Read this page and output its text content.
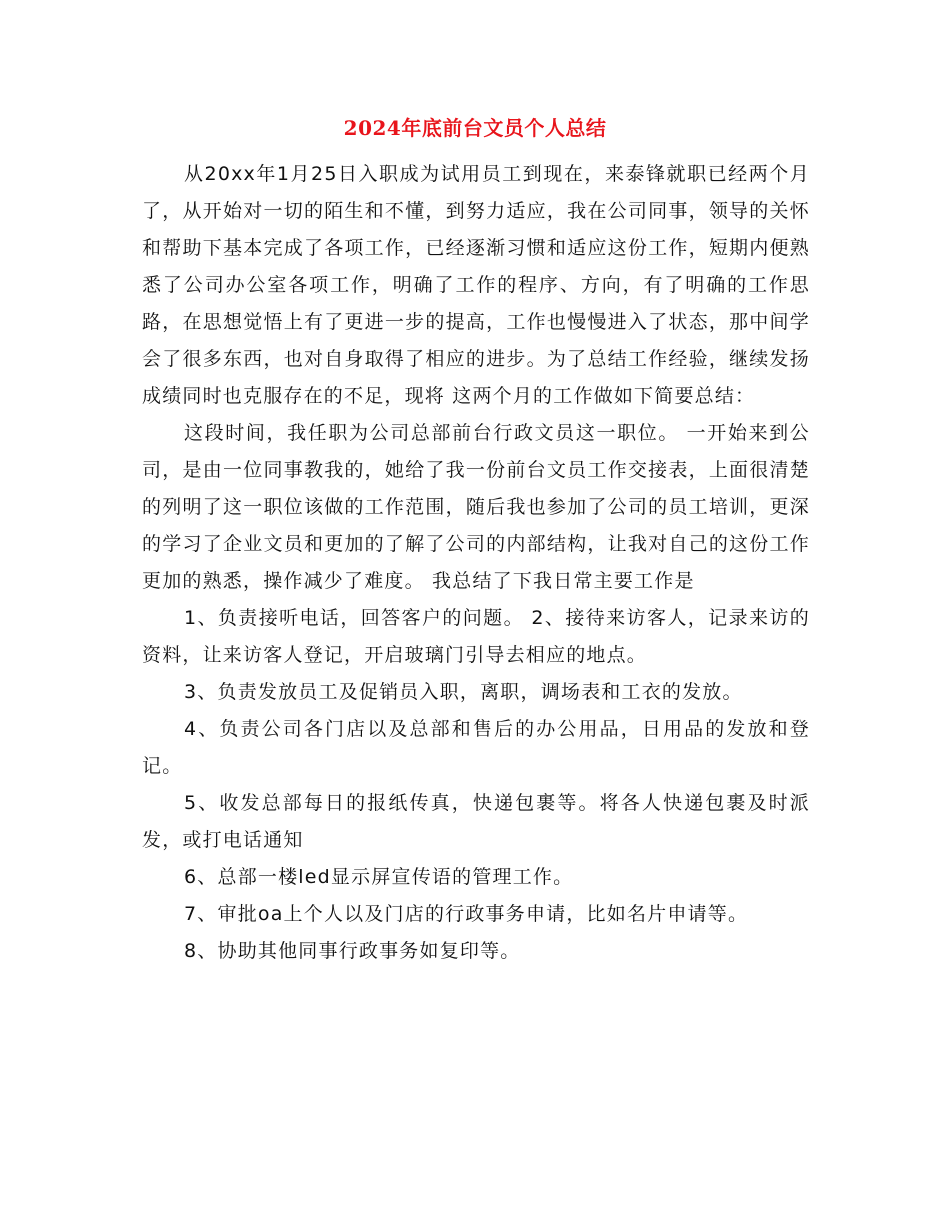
2024年底前台文员个人总结

从20xx年1月25日入职成为试用员工到现在，来泰锋就职已经两个月了，从开始对一切的陌生和不懂，到努力适应，我在公司同事，领导的关怀和帮助下基本完成了各项工作，已经逐渐习惯和适应这份工作，短期内便熟悉了公司办公室各项工作，明确了工作的程序、方向，有了明确的工作思路，在思想觉悟上有了更进一步的提高，工作也慢慢进入了状态，那中间学会了很多东西，也对自身取得了相应的进步。为了总结工作经验，继续发扬成绩同时也克服存在的不足，现将 这两个月的工作做如下简要总结：

这段时间，我任职为公司总部前台行政文员这一职位。 一开始来到公司，是由一位同事教我的，她给了我一份前台文员工作交接表，上面很清楚的列明了这一职位该做的工作范围，随后我也参加了公司的员工培训，更深的学习了企业文员和更加的了解了公司的内部结构，让我对自己的这份工作更加的熟悉，操作减少了难度。 我总结了下我日常主要工作是

1、负责接听电话，回答客户的问题。 2、接待来访客人，记录来访的资料，让来访客人登记，开启玻璃门引导去相应的地点。

3、负责发放员工及促销员入职，离职，调场表和工衣的发放。

4、负责公司各门店以及总部和售后的办公用品，日用品的发放和登记。

5、收发总部每日的报纸传真，快递包裹等。将各人快递包裹及时派发，或打电话通知

6、总部一楼led显示屏宣传语的管理工作。

7、审批oa上个人以及门店的行政事务申请，比如名片申请等。

8、协助其他同事行政事务如复印等。
